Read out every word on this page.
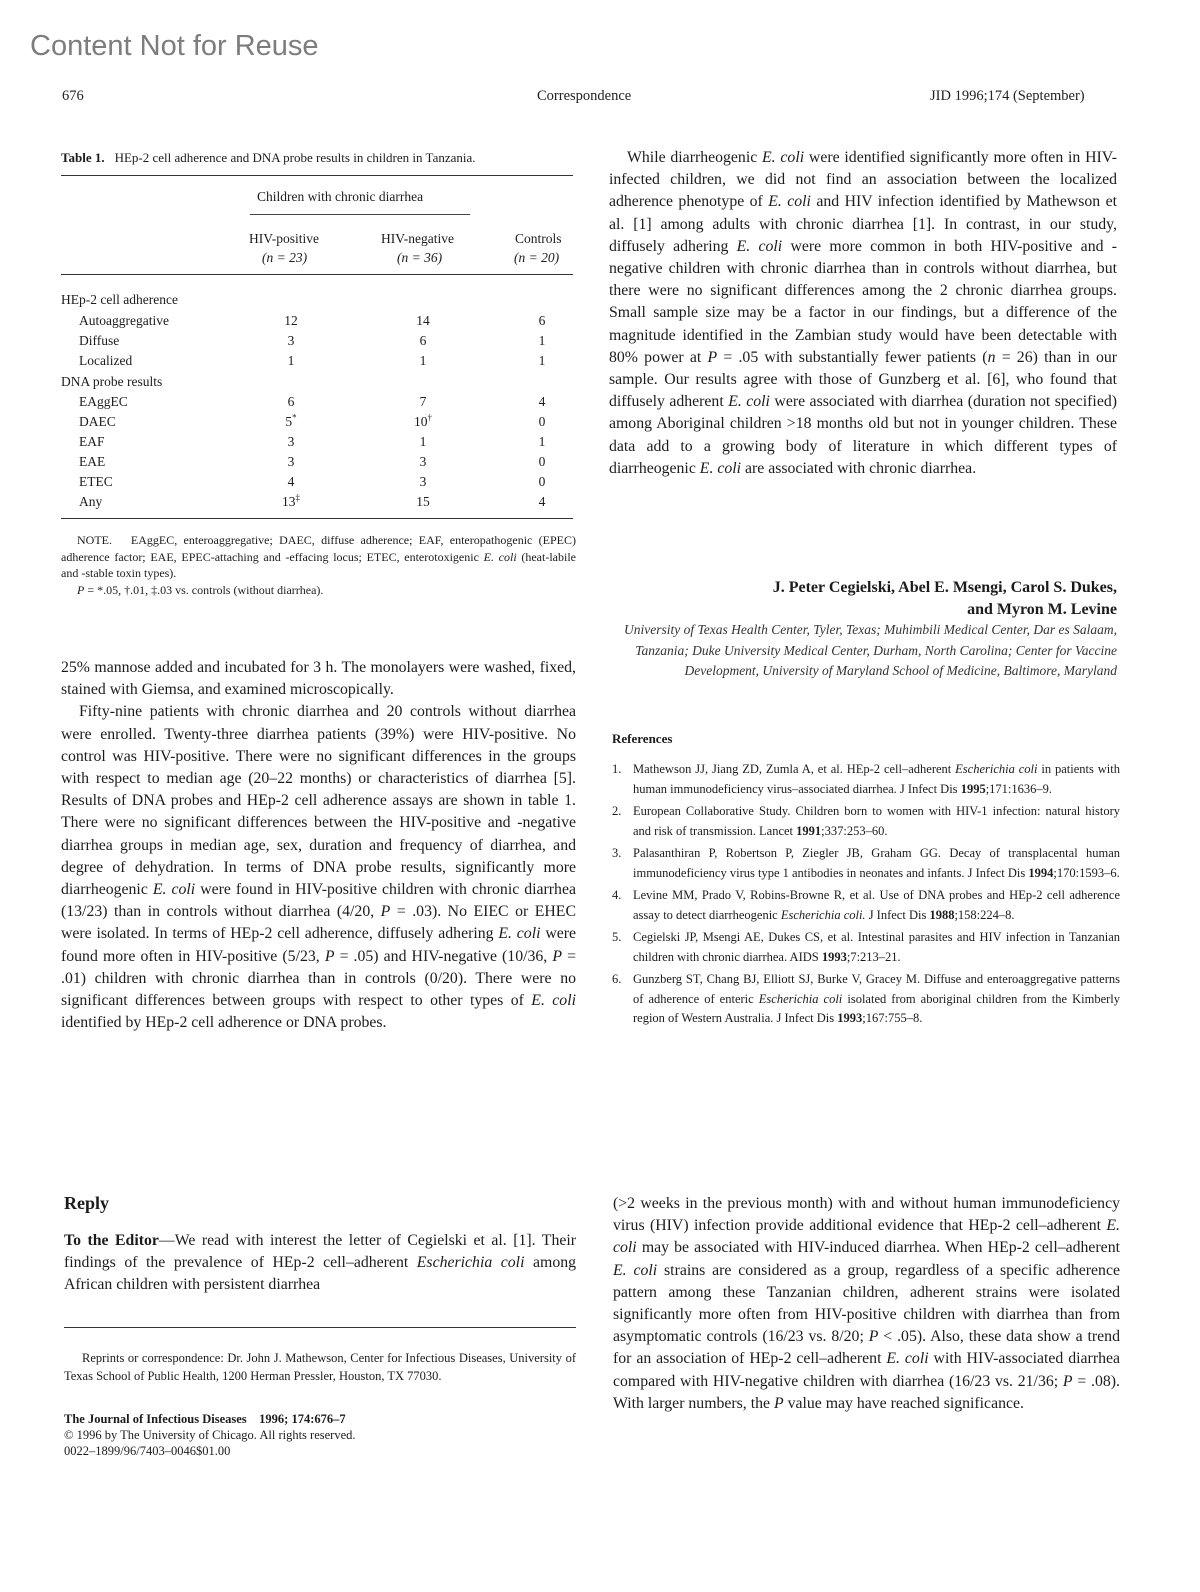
Content Not for Reuse
676	Correspondence	JID 1996;174 (September)
Table 1. HEp-2 cell adherence and DNA probe results in children in Tanzania.
Children with chronic diarrhea
HIV-positive
(n = 23)
HIV-negative
(n = 36)
Controls
(n = 20)
HEp-2 cell adherence
Autoaggregative	12	14	6
Diffuse	3	6	1
Localized	1	1	1
DNA probe results
EAggEC	6	7	4
DAEC	5*	10†	0
EAF	3	1	1
EAE	3	3	0
ETEC	4	3	0
Any	13‡	15	4

NOTE. EAggEC, enteroaggregative; DAEC, diffuse adherence; EAF, enteropathogenic (EPEC) adherence factor; EAE, EPEC-attaching and -effacing locus; ETEC, enterotoxigenic E. coli (heat-labile and -stable toxin types).

P = *.05, †.01, ‡.03 vs. controls (without diarrhea).

25% mannose added and incubated for 3 h. The monolayers were washed, fixed, stained with Giemsa, and examined microscopically.

Fifty-nine patients with chronic diarrhea and 20 controls without diarrhea were enrolled. Twenty-three diarrhea patients (39%) were HIV-positive. No control was HIV-positive. There were no significant differences in the groups with respect to median age (20–22 months) or characteristics of diarrhea [5]. Results of DNA probes and HEp-2 cell adherence assays are shown in table 1. There were no significant differences between the HIV-positive and -negative diarrhea groups in median age, sex, duration and frequency of diarrhea, and degree of dehydration. In terms of DNA probe results, significantly more diarrheogenic E. coli were found in HIV-positive children with chronic diarrhea (13/23) than in controls without diarrhea (4/20, P = .03). No EIEC or EHEC were isolated. In terms of HEp-2 cell adherence, diffusely adhering E. coli were found more often in HIV-positive (5/23, P = .05) and HIV-negative (10/36, P = .01) children with chronic diarrhea than in controls (0/20). There were no significant differences between groups with respect to other types of E. coli identified by HEp-2 cell adherence or DNA probes.

While diarrheogenic E. coli were identified significantly more often in HIV-infected children, we did not find an association between the localized adherence phenotype of E. coli and HIV infection identified by Mathewson et al. [1] among adults with chronic diarrhea [1]. In contrast, in our study, diffusely adhering E. coli were more common in both HIV-positive and -negative children with chronic diarrhea than in controls without diarrhea, but there were no significant differences among the 2 chronic diarrhea groups. Small sample size may be a factor in our findings, but a difference of the magnitude identified in the Zambian study would have been detectable with 80% power at P = .05 with substantially fewer patients (n = 26) than in our sample. Our results agree with those of Gunzberg et al. [6], who found that diffusely adherent E. coli were associated with diarrhea (duration not specified) among Aboriginal children >18 months old but not in younger children. These data add to a growing body of literature in which different types of diarrheogenic E. coli are associated with chronic diarrhea.

J. Peter Cegielski, Abel E. Msengi, Carol S. Dukes,
and Myron M. Levine
University of Texas Health Center, Tyler, Texas; Muhimbili Medical Center, Dar es Salaam, Tanzania; Duke University Medical Center, Durham, North Carolina; Center for Vaccine Development, University of Maryland School of Medicine, Baltimore, Maryland
References
1. Mathewson JJ, Jiang ZD, Zumla A, et al. HEp-2 cell–adherent Escherichia coli in patients with human immunodeficiency virus–associated diarrhea. J Infect Dis 1995;171:1636–9.
2. European Collaborative Study. Children born to women with HIV-1 infection: natural history and risk of transmission. Lancet 1991;337:253–60.
3. Palasanthiran P, Robertson P, Ziegler JB, Graham GG. Decay of transplacental human immunodeficiency virus type 1 antibodies in neonates and infants. J Infect Dis 1994;170:1593–6.
4. Levine MM, Prado V, Robins-Browne R, et al. Use of DNA probes and HEp-2 cell adherence assay to detect diarrheogenic Escherichia coli. J Infect Dis 1988;158:224–8.
5. Cegielski JP, Msengi AE, Dukes CS, et al. Intestinal parasites and HIV infection in Tanzanian children with chronic diarrhea. AIDS 1993;7:213–21.
6. Gunzberg ST, Chang BJ, Elliott SJ, Burke V, Gracey M. Diffuse and enteroaggregative patterns of adherence of enteric Escherichia coli isolated from aboriginal children from the Kimberly region of Western Australia. J Infect Dis 1993;167:755–8.
Reply

To the Editor—We read with interest the letter of Cegielski et al. [1]. Their findings of the prevalence of HEp-2 cell–adherent Escherichia coli among African children with persistent diarrhea

(>2 weeks in the previous month) with and without human immunodeficiency virus (HIV) infection provide additional evidence that HEp-2 cell–adherent E. coli may be associated with HIV-induced diarrhea. When HEp-2 cell–adherent E. coli strains are considered as a group, regardless of a specific adherence pattern among these Tanzanian children, adherent strains were isolated significantly more often from HIV-positive children with diarrhea than from asymptomatic controls (16/23 vs. 8/20; P < .05). Also, these data show a trend for an association of HEp-2 cell–adherent E. coli with HIV-associated diarrhea compared with HIV-negative children with diarrhea (16/23 vs. 21/36; P = .08). With larger numbers, the P value may have reached significance.

Reprints or correspondence: Dr. John J. Mathewson, Center for Infectious Diseases, University of Texas School of Public Health, 1200 Herman Pressler, Houston, TX 77030.

The Journal of Infectious Diseases 1996; 174:676–7
© 1996 by The University of Chicago. All rights reserved.
0022–1899/96/7403–0046$01.00
